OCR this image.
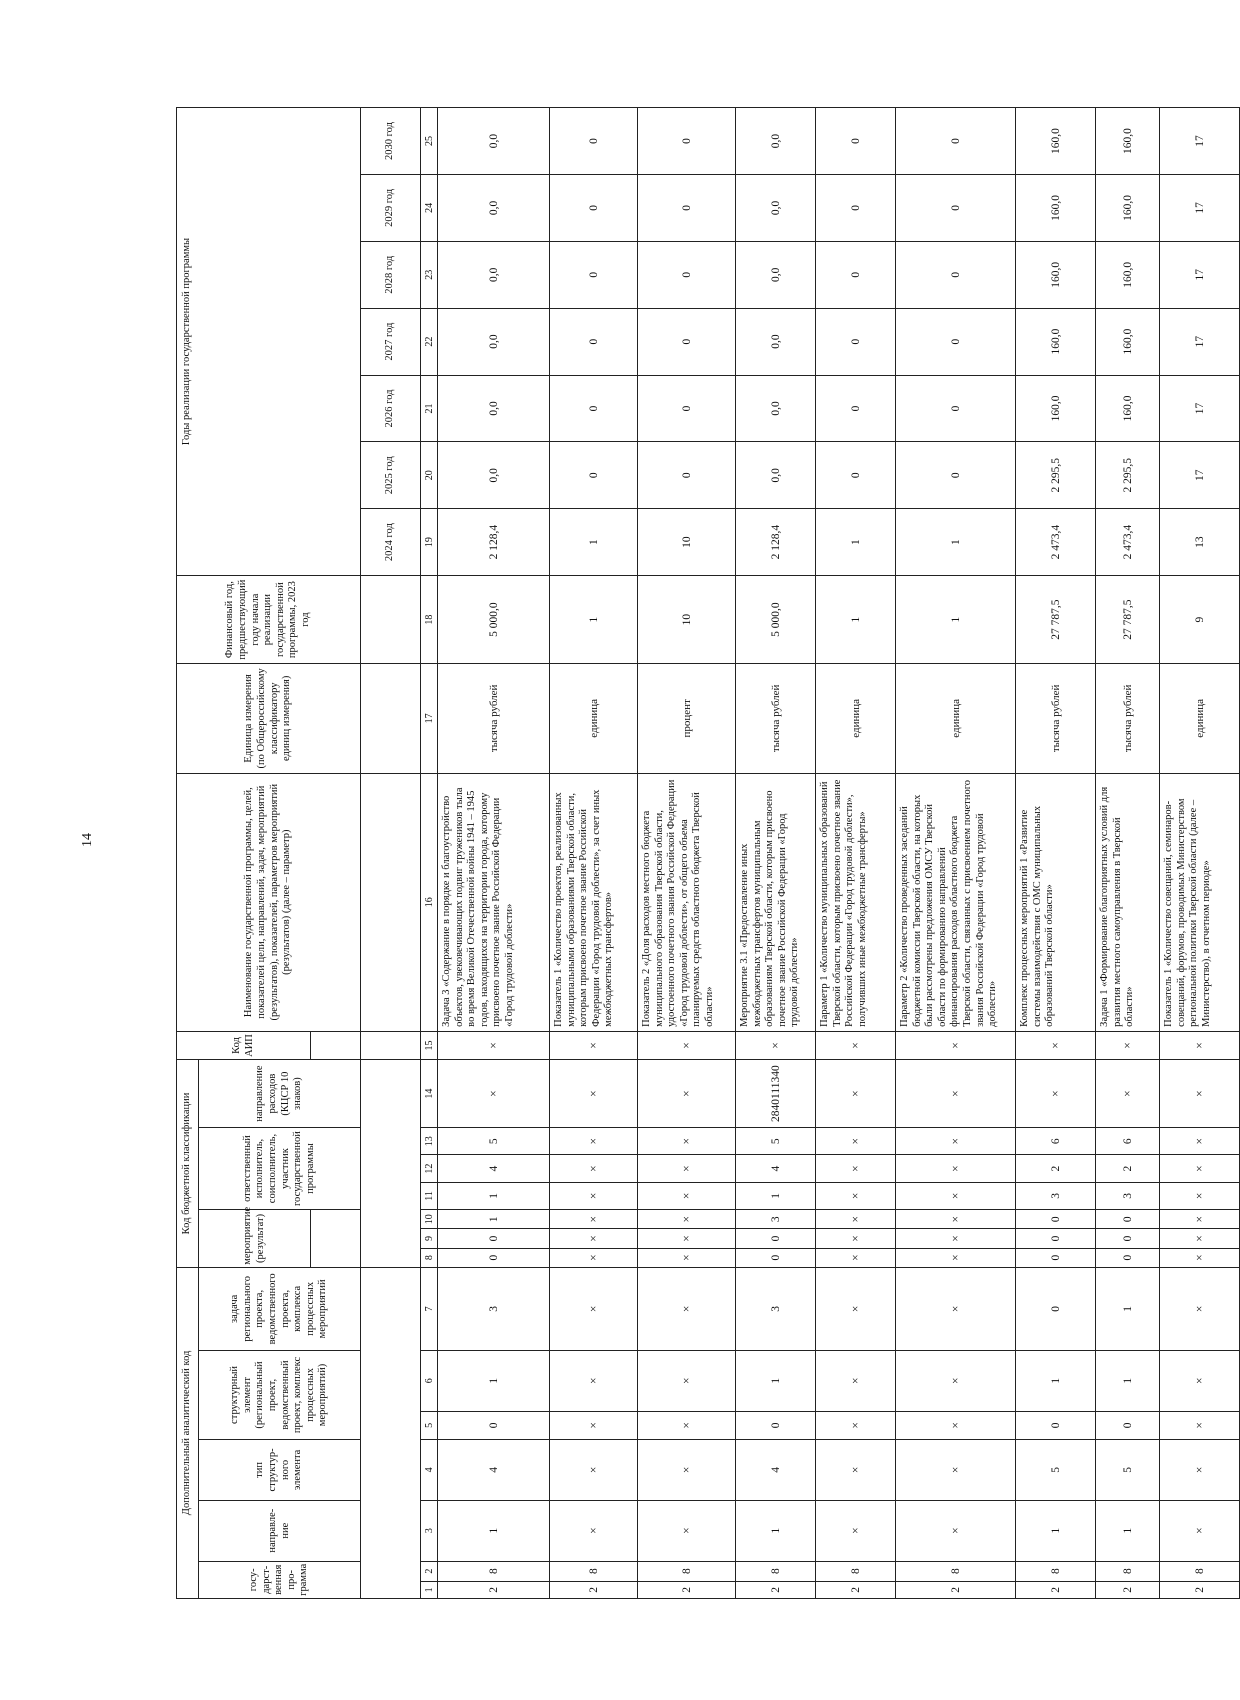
14
Дополнительный аналитический код							Код бюджетной классификации							Код АИП	Наименование государственной программы, целей, показателей цели, направлений, задач, мероприятий (результатов), показателей, параметров мероприятий (результатов) (далее – параметр)	Единица измерения (по Общероссийскому классификатору единиц измерения)	Финансовый год, предшествующий году начала реализации государственной программы, 2023 год	Годы реализации государственной программы						
госу-дарст-венная про-грамма		направле-ние	тип структур-ного элемента	структурный элемент (региональный проект, ведомственный проект, комплекс процессных мероприятий)		задача регионального проекта, ведомственного проекта, комплекса процессных мероприятий	мероприятие (результат)			ответственный исполнитель, соисполнитель, участник государственной программы			направление расходов (КЦСР 10 знаков)											

																		2024 год	2025 год	2026 год	2027 год	2028 год	2029 год	2030 год
1	2	3	4	5	6	7	8	9	10	11	12	13	14	15	16	17	18	19	20	21	22	23	24	25
2	8	1	4	0	1	3	0	0	1	1	4	5	×	×	Задача 3 «Содержание в порядке и благоустройство объектов, увековечивающих подвиг тружеников тыла во время Великой Отечественной войны 1941 – 1945 годов, находящихся на территории города, которому присвоено почетное звание Российской Федерации «Город трудовой доблести»	тысяча рублей	5 000,0	2 128,4	0,0	0,0	0,0	0,0	0,0	0,0
2	8	×	×	×	×	×	×	×	×	×	×	×	×	×	Показатель 1 «Количество проектов, реализованных муниципальными образованиями Тверской области, которым присвоено почетное звание Российской Федерации «Город трудовой доблести», за счет иных межбюджетных трансфертов»	единица	1	1	0	0	0	0	0	0
2	8	×	×	×	×	×	×	×	×	×	×	×	×	×	Показатель 2 «Доля расходов местного бюджета муниципального образования Тверской области, удостоенного почетного звания Российской Федерации «Город трудовой доблести», от общего объема планируемых средств областного бюджета Тверской области»	процент	10	10	0	0	0	0	0	0
2	8	1	4	0	1	3	0	0	3	1	4	5	2840111340	×	Мероприятие 3.1 «Предоставление иных межбюджетных трансфертов муниципальным образованиям Тверской области, которым присвоено почетное звание Российской Федерации «Город трудовой доблести»	тысяча рублей	5 000,0	2 128,4	0,0	0,0	0,0	0,0	0,0	0,0
2	8	×	×	×	×	×	×	×	×	×	×	×	×	×	Параметр 1 «Количество муниципальных образований Тверской области, которым присвоено почетное звание Российской Федерации «Город трудовой доблести», получивших иные межбюджетные трансферты»	единица	1	1	0	0	0	0	0	0
2	8	×	×	×	×	×	×	×	×	×	×	×	×	×	Параметр 2 «Количество проведенных заседаний бюджетной комиссии Тверской области, на которых были рассмотрены предложения ОМСУ Тверской области по формированию направлений финансирования расходов областного бюджета Тверской области, связанных с присвоением почетного звания Российской Федерации «Город трудовой доблести»	единица	1	1	0	0	0	0	0	0
2	8	1	5	0	1	0	0	0	0	3	2	6	×	×	Комплекс процессных мероприятий 1 «Развитие системы взаимодействия с ОМС муниципальных образований Тверской области»	тысяча рублей	27 787,5	2 473,4	2 295,5	160,0	160,0	160,0	160,0	160,0
2	8	1	5	0	1	1	0	0	0	3	2	6	×	×	Задача 1 «Формирование благоприятных условий для развития местного самоуправления в Тверской области»	тысяча рублей	27 787,5	2 473,4	2 295,5	160,0	160,0	160,0	160,0	160,0
2	8	×	×	×	×	×	×	×	×	×	×	×	×	×	Показатель 1 «Количество совещаний, семинаров-совещаний, форумов, проводимых Министерством региональной политики Тверской области (далее – Министерство), в отчетном периоде»	единица	9	13	17	17	17	17	17	17
